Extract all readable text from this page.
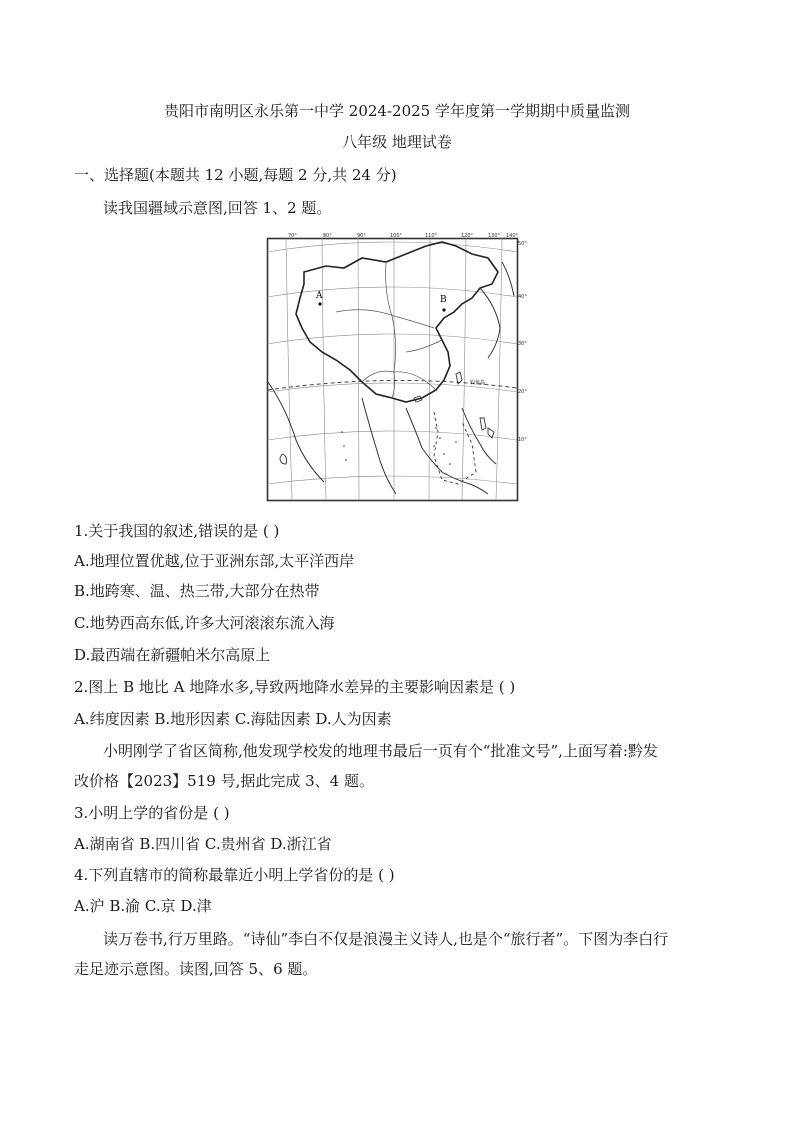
贵阳市南明区永乐第一中学 2024-2025 学年度第一学期期中质量监测
八年级 地理试卷
一、选择题(本题共 12 小题,每题 2 分,共 24 分)
读我国疆域示意图,回答 1、2 题。
A	B
钓鱼岛
70°	80°	90°	100°	110°	120°	130° 140°
50°
40°
30°
20°
10°
1.关于我国的叙述,错误的是 ( )
A.地理位置优越,位于亚洲东部,太平洋西岸
B.地跨寒、温、热三带,大部分在热带
C.地势西高东低,许多大河滚滚东流入海
D.最西端在新疆帕米尔高原上
2.图上 B 地比 A 地降水多,导致两地降水差异的主要影响因素是 ( )
A.纬度因素 B.地形因素 C.海陆因素 D.人为因素
小明刚学了省区简称,他发现学校发的地理书最后一页有个“批准文号”,上面写着:黔发
改价格【2023】519 号,据此完成 3、4 题。
3.小明上学的省份是 ( )
A.湖南省 B.四川省 C.贵州省 D.浙江省
4.下列直辖市的简称最靠近小明上学省份的是 ( )
A.沪 B.渝 C.京 D.津
读万卷书,行万里路。“诗仙”李白不仅是浪漫主义诗人,也是个“旅行者”。下图为李白行
走足迹示意图。读图,回答 5、6 题。
